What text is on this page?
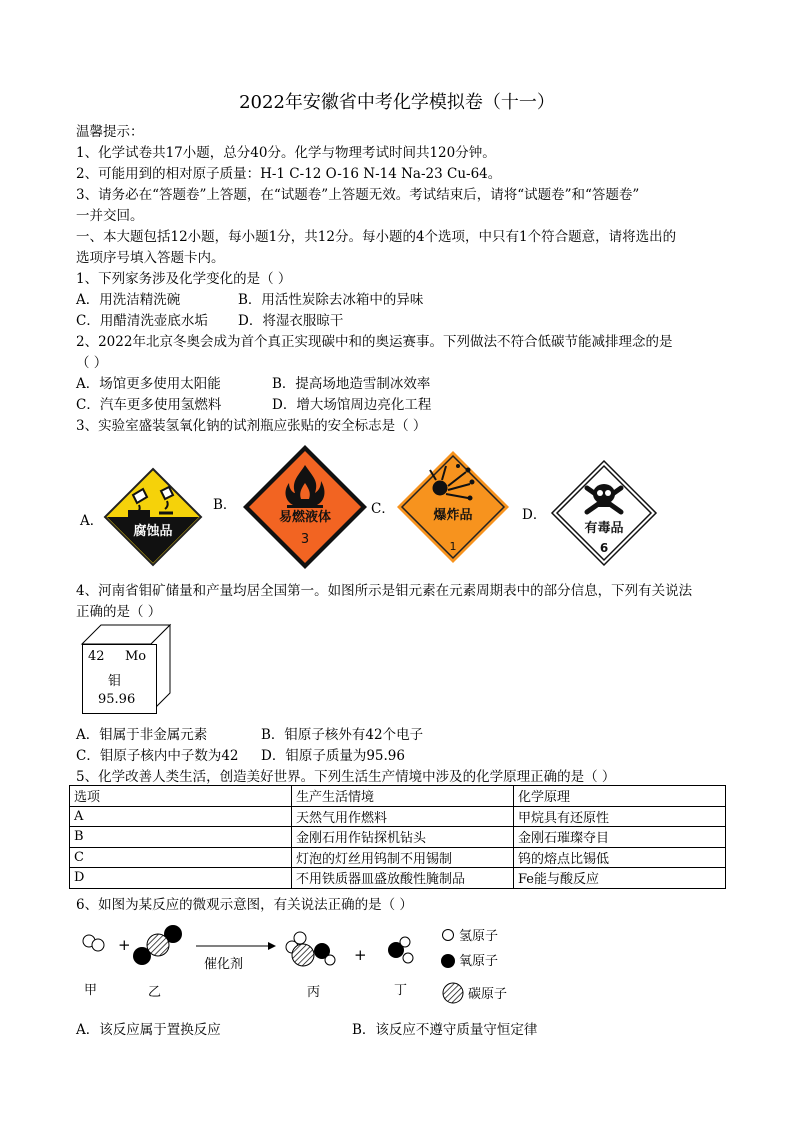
2022年安徽省中考化学模拟卷（十一）
温馨提示：
1、化学试卷共17小题，总分40分。化学与物理考试时间共120分钟。
2、可能用到的相对原子质量：H-1 C-12 O-16 N-14 Na-23 Cu-64。
3、请务必在“答题卷”上答题，在“试题卷”上答题无效。考试结束后，请将“试题卷”和“答题卷”
一并交回。
一、本大题包括12小题，每小题1分，共12分。每小题的4个选项，中只有1个符合题意，请将选出的
选项序号填入答题卡内。
1、下列家务涉及化学变化的是（ ）
A．用洗洁精洗碗	B．用活性炭除去冰箱中的异味
C．用醋清洗壶底水垢 D．将湿衣服晾干
2、2022年北京冬奥会成为首个真正实现碳中和的奥运赛事。下列做法不符合低碳节能减排理念的是
（ ）
A．场馆更多使用太阳能	B．提高场地造雪制冰效率
C．汽车更多使用氢燃料	D．增大场馆周边亮化工程
3、实验室盛装氢氧化钠的试剂瓶应张贴的安全标志是（ ）
A．
B．	C．	D．
腐蚀品
易燃液体
3
爆炸品
1
有毒品
6
4、河南省钼矿储量和产量均居全国第一。如图所示是钼元素在元素周期表中的部分信息，下列有关说法
正确的是（ ）
42 Mo
钼
95.96
A．钼属于非金属元素	B．钼原子核外有42个电子
C．钼原子核内中子数为42 D．钼原子质量为95.96
5、化学改善人类生活，创造美好世界。下列生活生产情境中涉及的化学原理正确的是（ ）
选项	生产生活情境	化学原理
A	天然气用作燃料	甲烷具有还原性
B	金刚石用作钻探机钻头	金刚石璀璨夺目
C	灯泡的灯丝用钨制不用锡制	钨的熔点比锡低
D	不用铁质器皿盛放酸性腌制品	Fe能与酸反应
6、如图为某反应的微观示意图，有关说法正确的是（ ）
+
催化剂
+
氢原子
氧原子
碳原子
甲	乙	丙	丁
A．该反应属于置换反应	B．该反应不遵守质量守恒定律
